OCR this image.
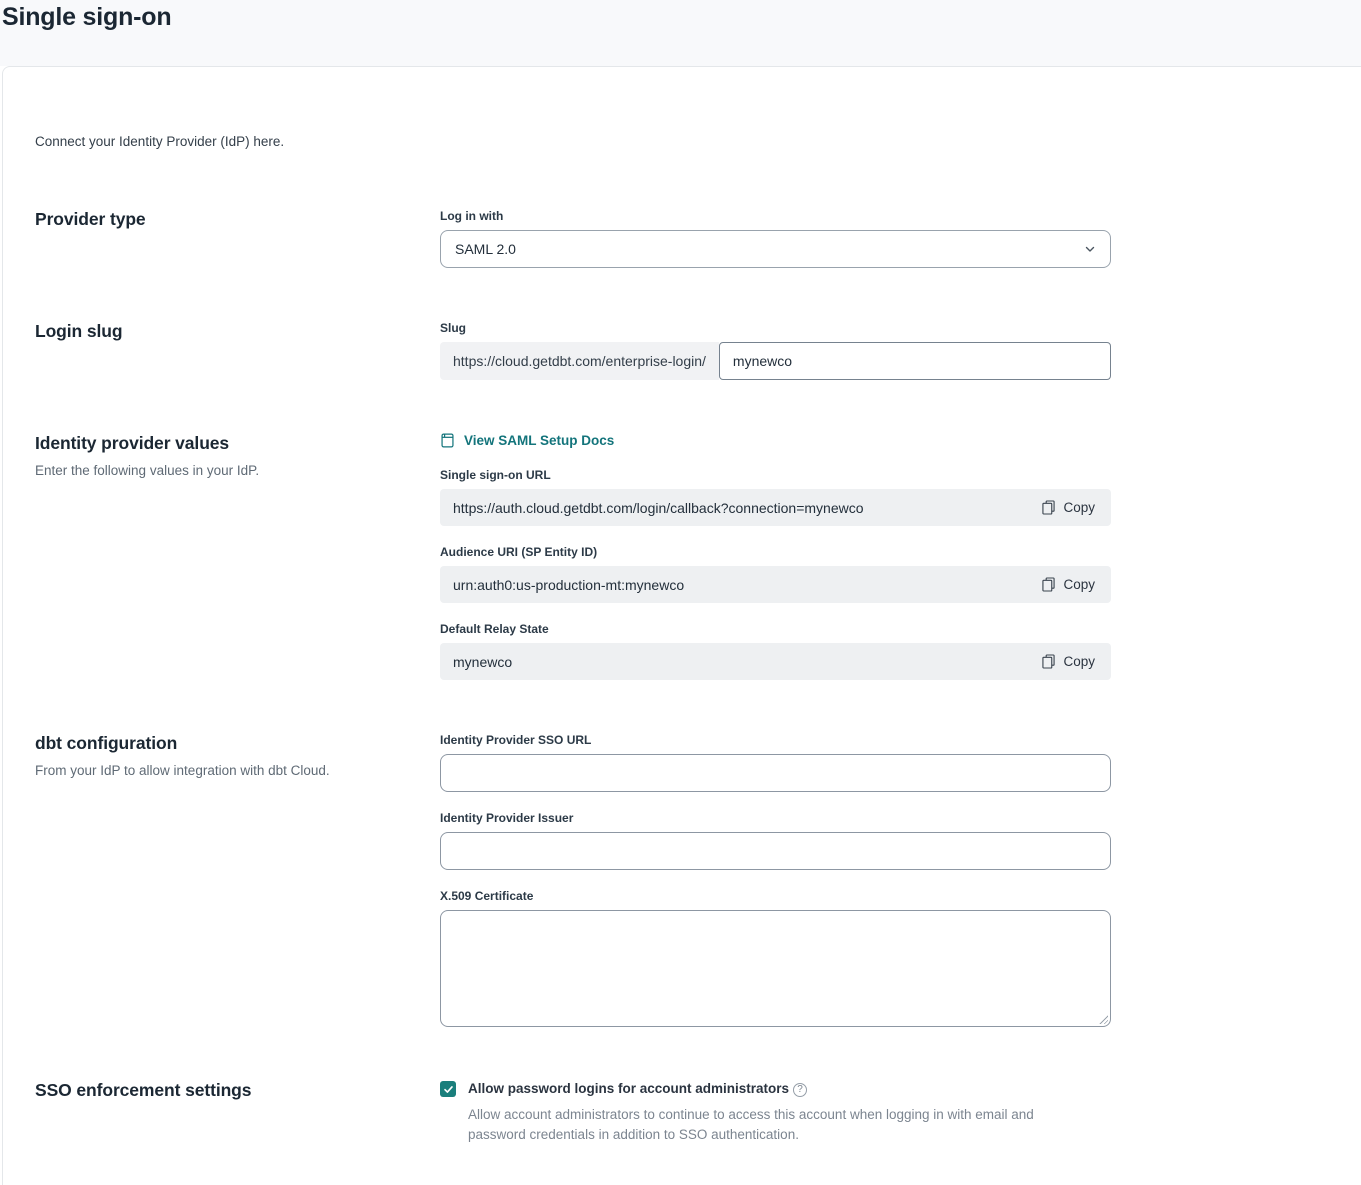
Single sign-on

Connect your Identity Provider (IdP) here.

Provider type	Log in with
SAML 2.0
Login slug	Slug
https://cloud.getdbt.com/enterprise-login/
mynewco
Identity provider values

Enter the following values in your IdP.

View SAML Setup Docs
Single sign-on URL
https://auth.cloud.getdbt.com/login/callback?connection=mynewco	Copy
Audience URI (SP Entity ID)
urn:auth0:us-production-mt:mynewco	Copy
Default Relay State
mynewco	Copy
dbt configuration

From your IdP to allow integration with dbt Cloud.

Identity Provider SSO URL
Identity Provider Issuer
X.509 Certificate
SSO enforcement settings	Allow password logins for account administrators ?

Allow account administrators to continue to access this account when logging in with email and password credentials in addition to SSO authentication.
